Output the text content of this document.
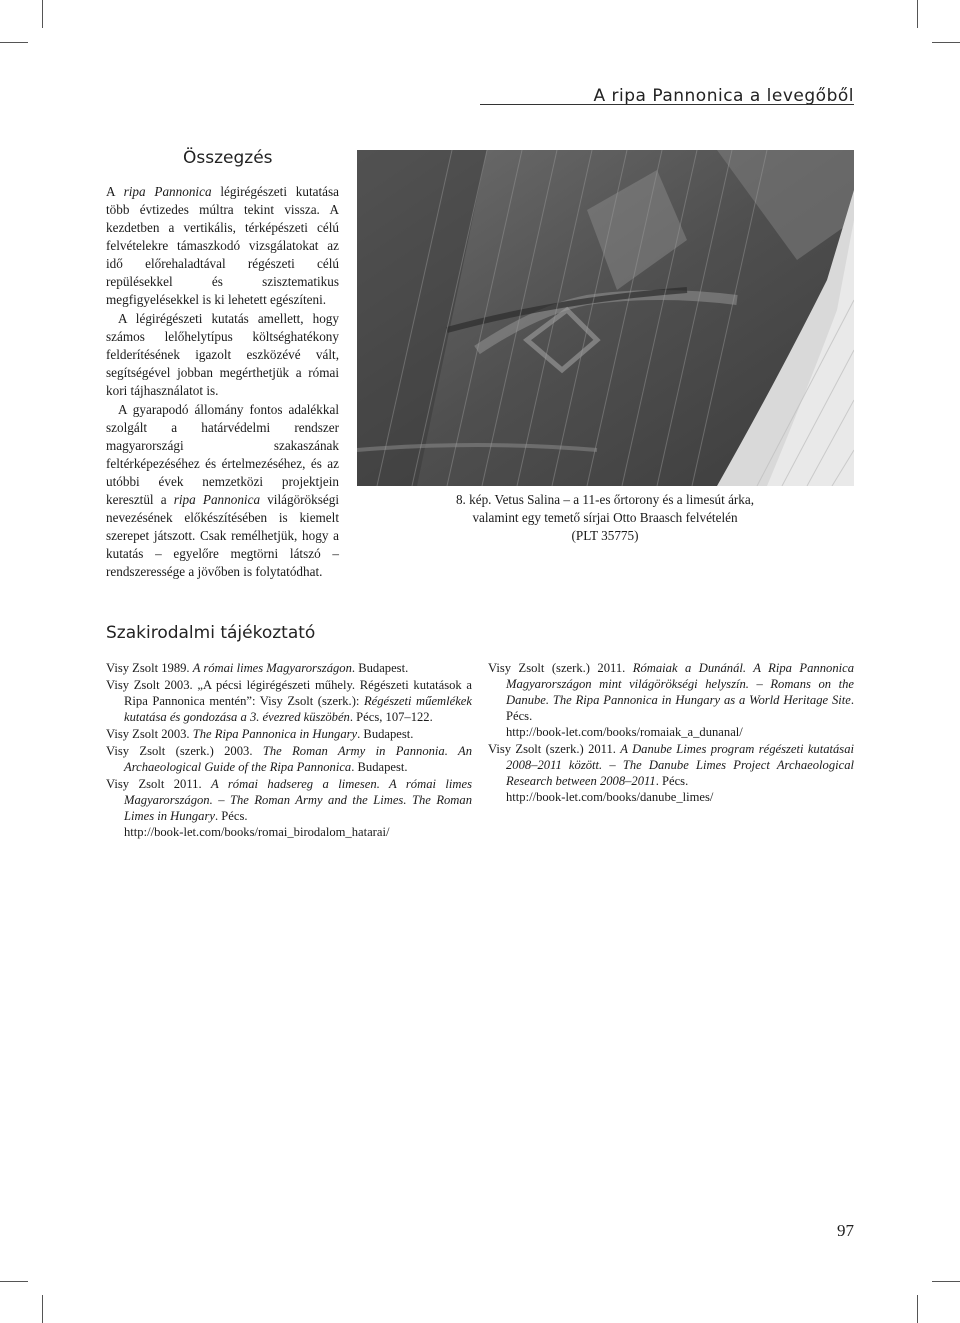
A ripa Pannonica a levegőből
Összegzés

A ripa Pannonica légirégészeti kutatása több évtizedes múltra tekint vissza. A kezdetben a vertikális, térképészeti célú felvételekre támaszkodó vizsgálatokat az idő előrehaladtával régészeti célú repülésekkel és szisztematikus megfigyelésekkel is ki lehetett egészíteni.

A légirégészeti kutatás amellett, hogy számos lelőhelytípus költséghatékony felderítésének igazolt eszközévé vált, segítségével jobban megérthetjük a római kori tájhasználatot is.

A gyarapodó állomány fontos adalékkal szolgált a határvédelmi rendszer magyarországi szakaszának feltérképezéséhez és értelmezéséhez, és az utóbbi évek nemzetközi projektjein keresztül a ripa Pannonica világörökségi nevezésének előkészítésében is kiemelt szerepet játszott. Csak remélhetjük, hogy a kutatás – egyelőre megtörni látszó – rendszeressége a jövőben is folytatódhat.

8. kép. Vetus Salina – a 11-es őrtorony és a limesút árka,
valamint egy temető sírjai Otto Braasch felvételén
(PLT 35775)
Szakirodalmi tájékoztató
Visy Zsolt 1989. A római limes Magyarországon. Budapest.
Visy Zsolt 2003. „A pécsi légirégészeti műhely. Régészeti kutatások a Ripa Pannonica mentén”: Visy Zsolt (szerk.): Régészeti műemlékek kutatása és gondozása a 3. évezred küszöbén. Pécs, 107–122.
Visy Zsolt 2003. The Ripa Pannonica in Hungary. Budapest.
Visy Zsolt (szerk.) 2003. The Roman Army in Pannonia. An Archaeological Guide of the Ripa Pannonica. Budapest.
Visy Zsolt 2011. A római hadsereg a limesen. A római limes Magyarországon. – The Roman Army and the Limes. The Roman Limes in Hungary. Pécs.
http://book-let.com/books/romai_birodalom_hatarai/
Visy Zsolt (szerk.) 2011. Rómaiak a Dunánál. A Ripa Pannonica Magyarországon mint világörökségi helyszín. – Romans on the Danube. The Ripa Pannonica in Hungary as a World Heritage Site. Pécs.
http://book-let.com/books/romaiak_a_dunanal/
Visy Zsolt (szerk.) 2011. A Danube Limes program régészeti kutatásai 2008–2011 között. – The Danube Limes Project Archaeological Research between 2008–2011. Pécs.
http://book-let.com/books/danube_limes/
97
